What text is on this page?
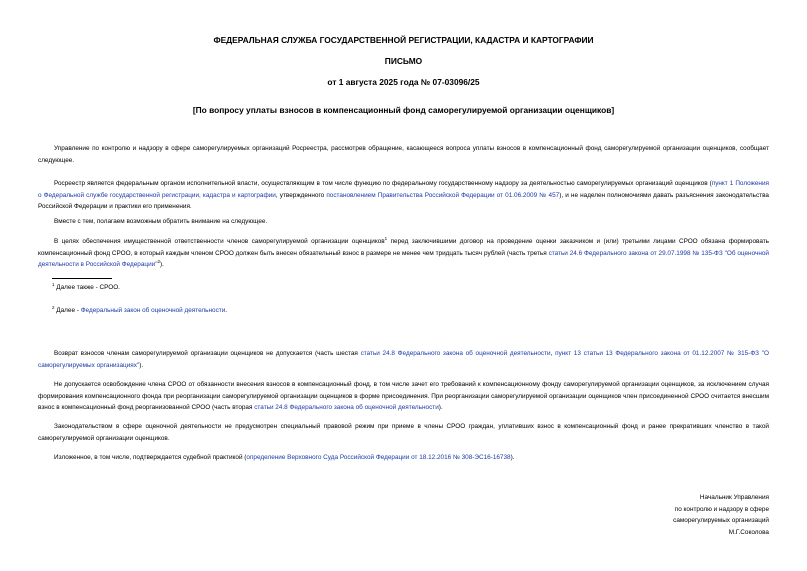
ФЕДЕРАЛЬНАЯ СЛУЖБА ГОСУДАРСТВЕННОЙ РЕГИСТРАЦИИ, КАДАСТРА И КАРТОГРАФИИ
ПИСЬМО
от 1 августа 2025 года № 07-03096/25
[По вопросу уплаты взносов в компенсационный фонд саморегулируемой организации оценщиков]

Управление по контролю и надзору в сфере саморегулируемых организаций Росреестра, рассмотрев обращение, касающееся вопроса уплаты взносов в компенсационный фонд саморегулируемой организации оценщиков, сообщает следующее.

Росреестр является федеральным органом исполнительной власти, осуществляющим в том числе функцию по федеральному государственному надзору за деятельностью саморегулируемых организаций оценщиков (пункт 1 Положения о Федеральной службе государственной регистрации, кадастра и картографии, утвержденного постановлением Правительства Российской Федерации от 01.06.2009 № 457), и не наделен полномочиями давать разъяснения законодательства Российской Федерации и практики его применения.

Вместе с тем, полагаем возможным обратить внимание на следующее.

В целях обеспечения имущественной ответственности членов саморегулируемой организации оценщиков$^1$ перед заключившими договор на проведение оценки заказчиком и (или) третьими лицами СРОО обязана формировать компенсационный фонд СРОО, в который каждым членом СРОО должен быть внесен обязательный взнос в размере не менее чем тридцать тысяч рублей (часть третья статьи 24.6 Федерального закона от 29.07.1998 № 135-ФЗ "Об оценочной деятельности в Российской Федерации"$^2$).

$^1$ Далее также - СРОО.
$^2$ Далее - Федеральный закон об оценочной деятельности.

Возврат взносов членам саморегулируемой организации оценщиков не допускается (часть шестая статьи 24.8 Федерального закона об оценочной деятельности, пункт 13 статьи 13 Федерального закона от 01.12.2007 № 315-ФЗ "О саморегулируемых организациях").

Не допускается освобождение члена СРОО от обязанности внесения взносов в компенсационный фонд, в том числе зачет его требований к компенсационному фонду саморегулируемой организации оценщиков, за исключением случая формирования компенсационного фонда при реорганизации саморегулируемой организации оценщиков в форме присоединения. При реорганизации саморегулируемой организации оценщиков член присоединенной СРОО считается внесшим взнос в компенсационный фонд реорганизованной СРОО (часть вторая статьи 24.8 Федерального закона об оценочной деятельности).

Законодательством в сфере оценочной деятельности не предусмотрен специальный правовой режим при приеме в члены СРОО граждан, уплативших взнос в компенсационный фонд и ранее прекративших членство в такой саморегулируемой организации оценщиков.

Изложенное, в том числе, подтверждается судебной практикой (определение Верховного Суда Российской Федерации от 18.12.2016 № 308-ЭС16-16738).

Начальник Управления
по контролю и надзору в сфере
саморегулируемых организаций
М.Г.Соколова
